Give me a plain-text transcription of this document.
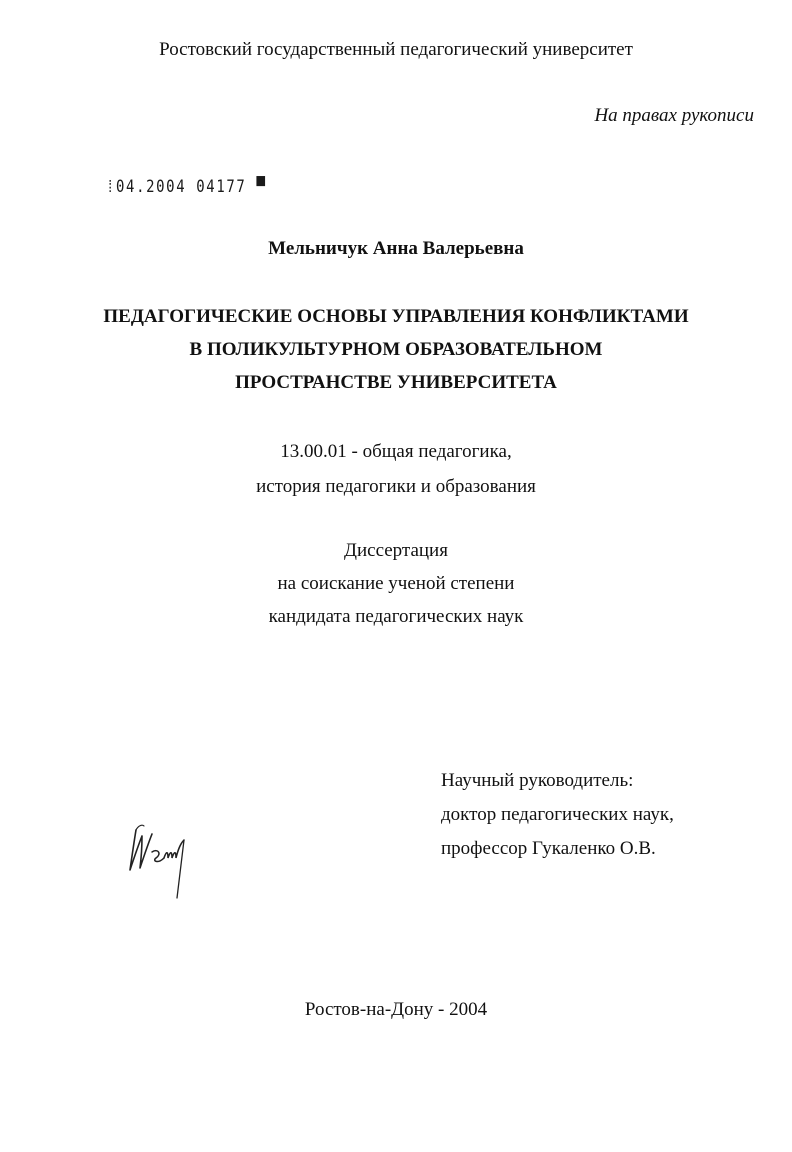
Ростовский государственный педагогический университет
На правах рукописи
⁞04.2004 04177 ▀
Мельничук Анна Валерьевна
ПЕДАГОГИЧЕСКИЕ ОСНОВЫ УПРАВЛЕНИЯ КОНФЛИКТАМИ
В ПОЛИКУЛЬТУРНОМ ОБРАЗОВАТЕЛЬНОМ
ПРОСТРАНСТВЕ УНИВЕРСИТЕТА
13.00.01 - общая педагогика,
история педагогики и образования
Диссертация
на соискание ученой степени
кандидата педагогических наук
Научный руководитель:
доктор педагогических наук,
профессор Гукаленко О.В.
Ростов-на-Дону - 2004
